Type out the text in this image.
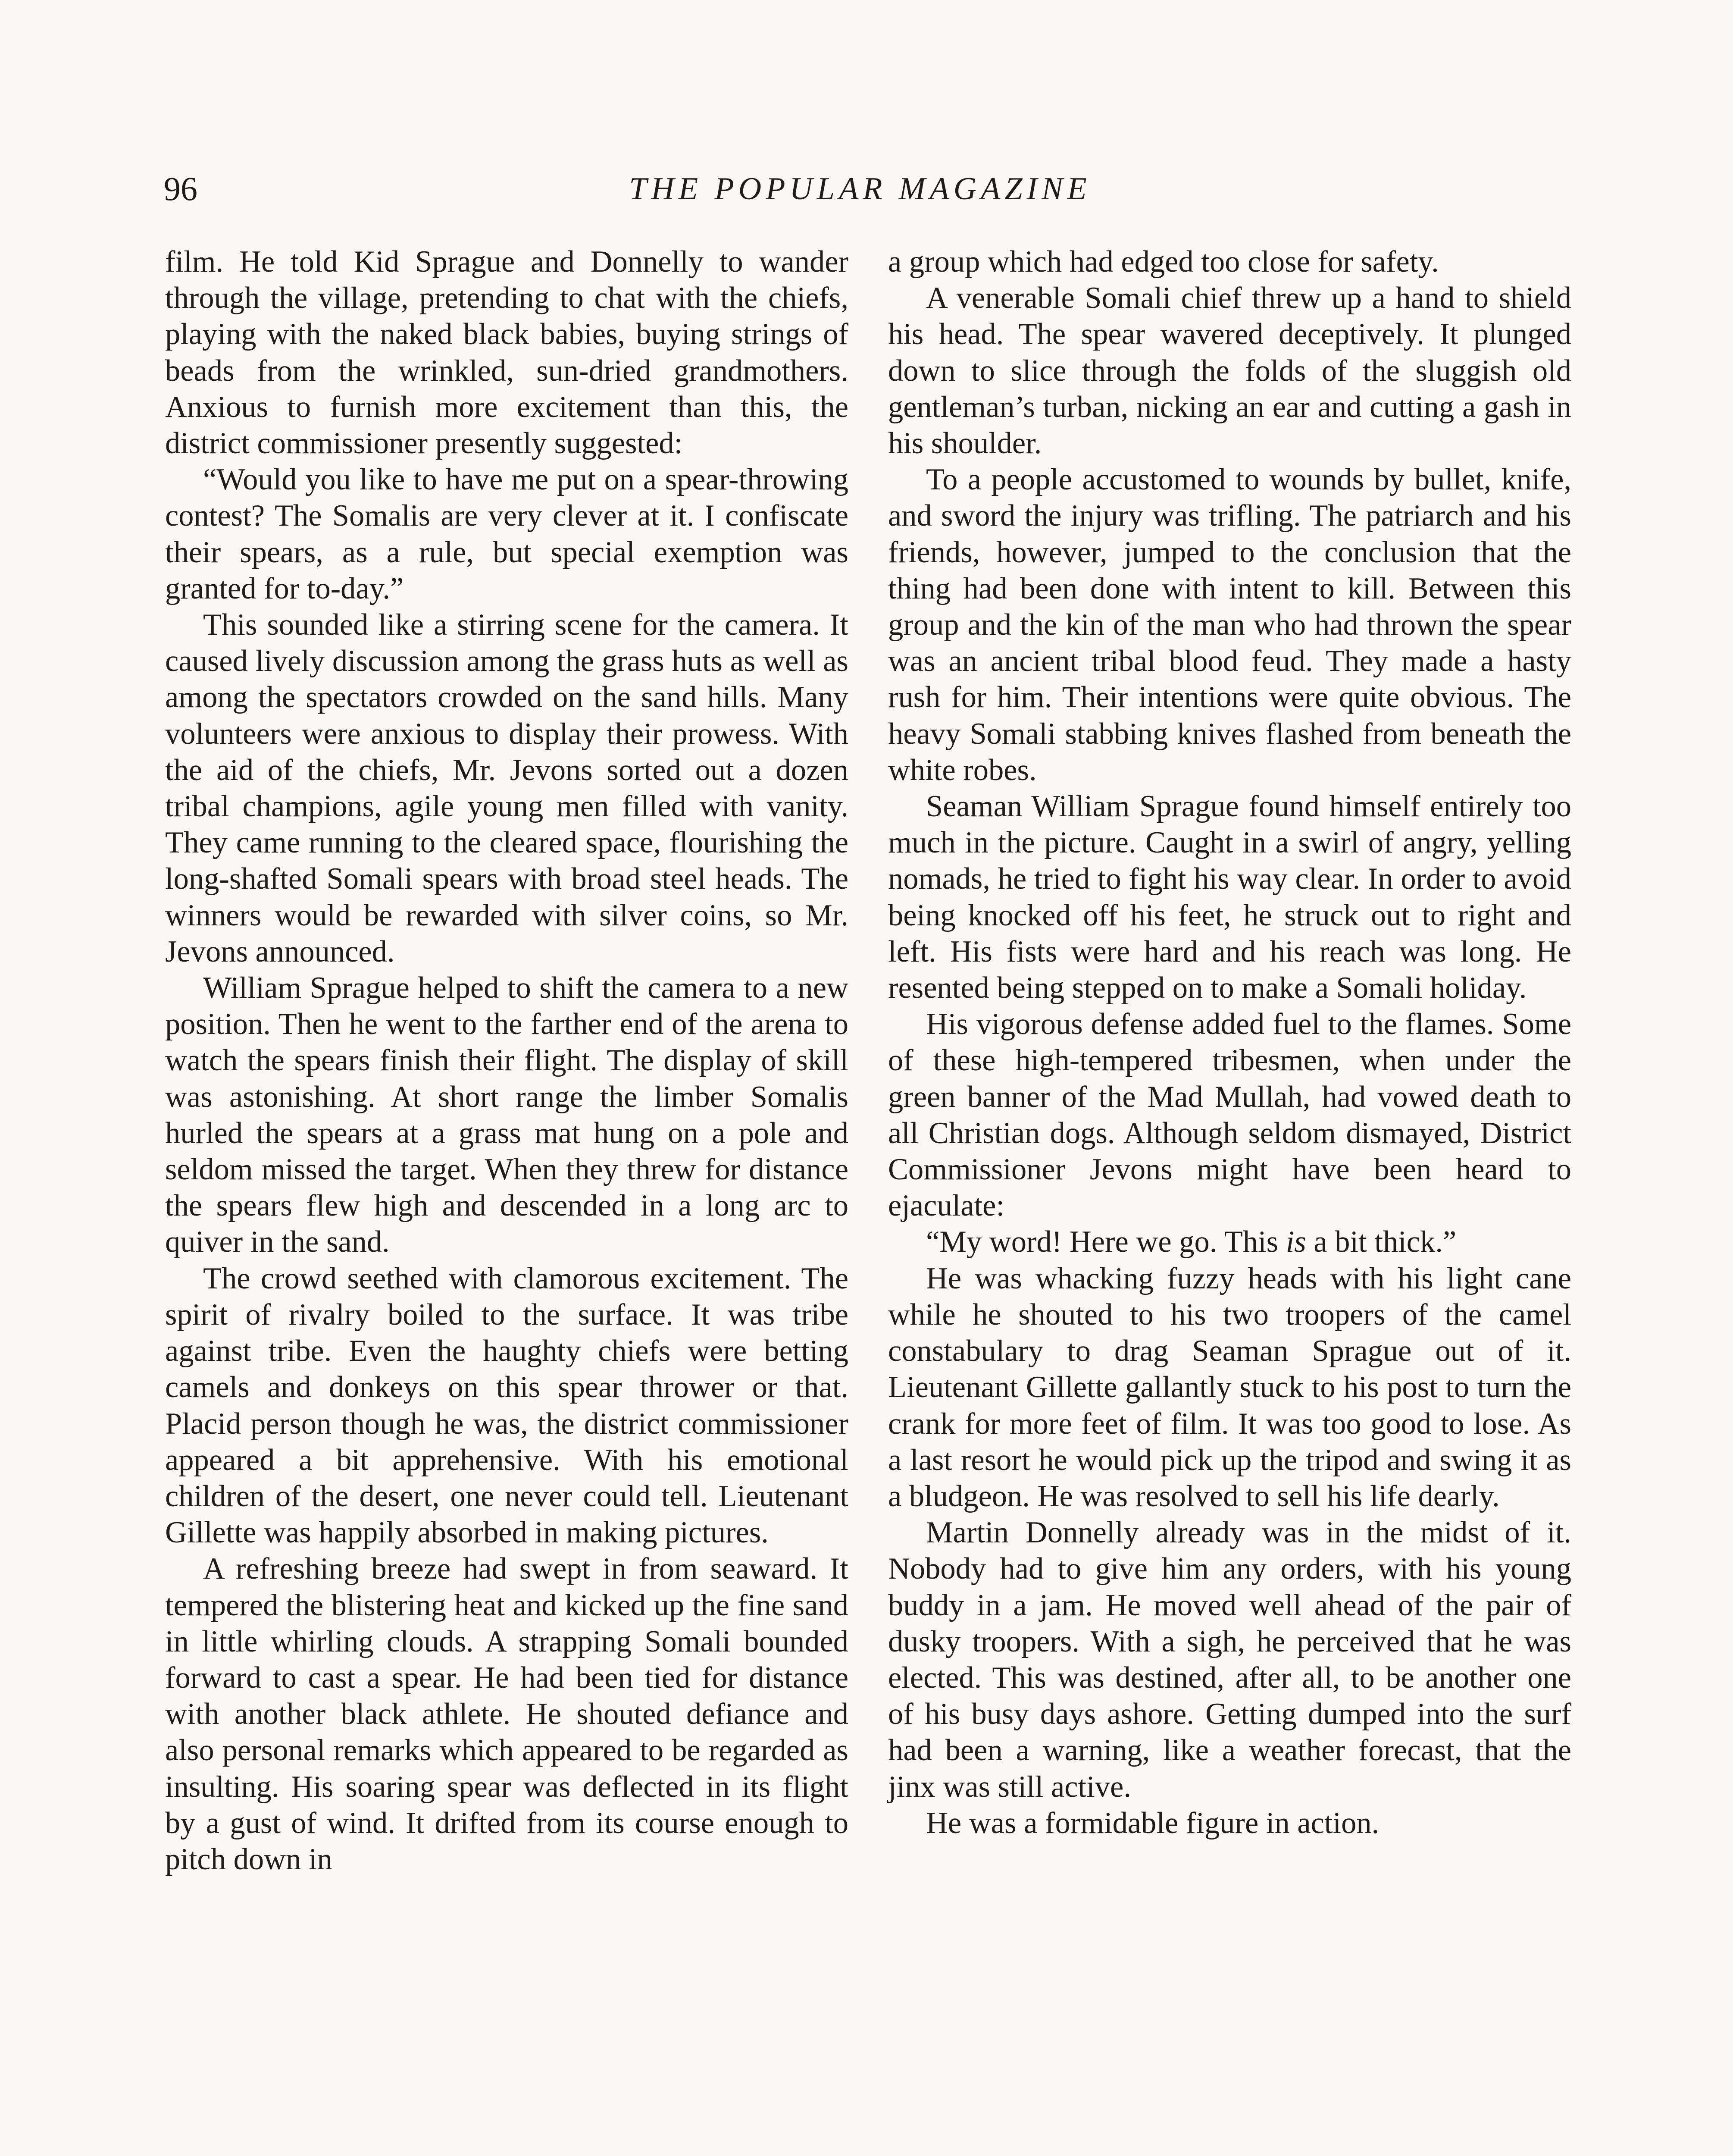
96	THE POPULAR MAGAZINE

film. He told Kid Sprague and Donnelly to wander through the village, pretending to chat with the chiefs, playing with the naked black babies, buying strings of beads from the wrinkled, sun-dried grandmothers. Anxious to furnish more excitement than this, the district commissioner presently suggested:

“Would you like to have me put on a spear-throwing contest? The Somalis are very clever at it. I confiscate their spears, as a rule, but special exemption was granted for to-day.”

This sounded like a stirring scene for the camera. It caused lively discussion among the grass huts as well as among the spectators crowded on the sand hills. Many volunteers were anxious to display their prowess. With the aid of the chiefs, Mr. Jevons sorted out a dozen tribal champions, agile young men filled with vanity. They came running to the cleared space, flourishing the long-shafted Somali spears with broad steel heads. The winners would be rewarded with silver coins, so Mr. Jevons announced.

William Sprague helped to shift the camera to a new position. Then he went to the farther end of the arena to watch the spears finish their flight. The display of skill was astonishing. At short range the limber Somalis hurled the spears at a grass mat hung on a pole and seldom missed the target. When they threw for distance the spears flew high and descended in a long arc to quiver in the sand.

The crowd seethed with clamorous excitement. The spirit of rivalry boiled to the surface. It was tribe against tribe. Even the haughty chiefs were betting camels and donkeys on this spear thrower or that. Placid person though he was, the district commissioner appeared a bit apprehensive. With his emotional children of the desert, one never could tell. Lieutenant Gillette was happily absorbed in making pictures.

A refreshing breeze had swept in from seaward. It tempered the blistering heat and kicked up the fine sand in little whirling clouds. A strapping Somali bounded forward to cast a spear. He had been tied for distance with another black athlete. He shouted defiance and also personal remarks which appeared to be regarded as insulting. His soaring spear was deflected in its flight by a gust of wind. It drifted from its course enough to pitch down in

a group which had edged too close for safety.

A venerable Somali chief threw up a hand to shield his head. The spear wavered deceptively. It plunged down to slice through the folds of the sluggish old gentleman’s turban, nicking an ear and cutting a gash in his shoulder.

To a people accustomed to wounds by bullet, knife, and sword the injury was trifling. The patriarch and his friends, however, jumped to the conclusion that the thing had been done with intent to kill. Between this group and the kin of the man who had thrown the spear was an ancient tribal blood feud. They made a hasty rush for him. Their intentions were quite obvious. The heavy Somali stabbing knives flashed from beneath the white robes.

Seaman William Sprague found himself entirely too much in the picture. Caught in a swirl of angry, yelling nomads, he tried to fight his way clear. In order to avoid being knocked off his feet, he struck out to right and left. His fists were hard and his reach was long. He resented being stepped on to make a Somali holiday.

His vigorous defense added fuel to the flames. Some of these high-tempered tribesmen, when under the green banner of the Mad Mullah, had vowed death to all Christian dogs. Although seldom dismayed, District Commissioner Jevons might have been heard to ejaculate:

“My word! Here we go. This is a bit thick.”

He was whacking fuzzy heads with his light cane while he shouted to his two troopers of the camel constabulary to drag Seaman Sprague out of it. Lieutenant Gillette gallantly stuck to his post to turn the crank for more feet of film. It was too good to lose. As a last resort he would pick up the tripod and swing it as a bludgeon. He was resolved to sell his life dearly.

Martin Donnelly already was in the midst of it. Nobody had to give him any orders, with his young buddy in a jam. He moved well ahead of the pair of dusky troopers. With a sigh, he perceived that he was elected. This was destined, after all, to be another one of his busy days ashore. Getting dumped into the surf had been a warning, like a weather forecast, that the jinx was still active.

He was a formidable figure in action.
